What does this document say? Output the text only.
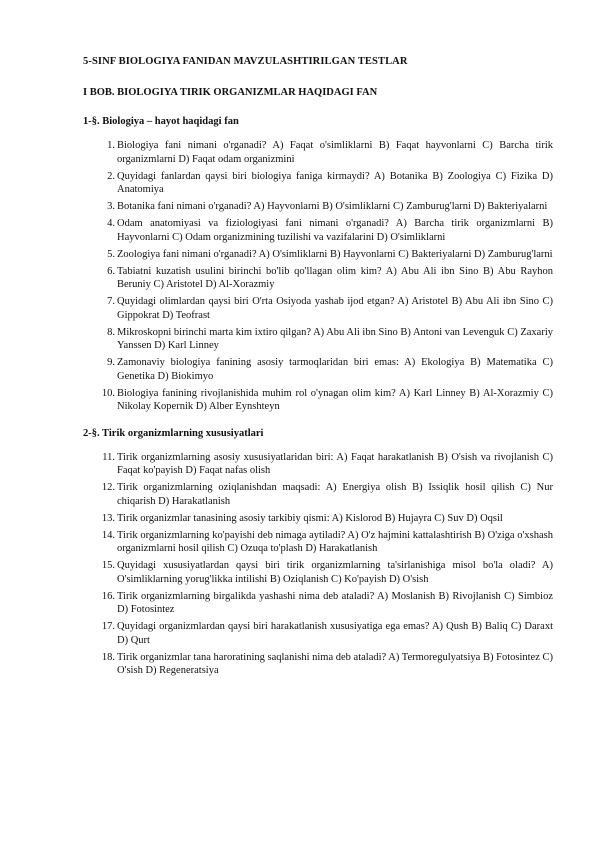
5-SINF BIOLOGIYA FANIDAN MAVZULASHTIRILGAN TESTLAR
I BOB. BIOLOGIYA TIRIK ORGANIZMLAR HAQIDAGI FAN
1-§. Biologiya – hayot haqidagi fan
1. Biologiya fani nimani o'rganadi? A) Faqat o'simliklarni B) Faqat hayvonlarni C) Barcha tirik organizmlarni D) Faqat odam organizmini
2. Quyidagi fanlardan qaysi biri biologiya faniga kirmaydi? A) Botanika B) Zoologiya C) Fizika D) Anatomiya
3. Botanika fani nimani o'rganadi? A) Hayvonlarni B) O'simliklarni C) Zamburug'larni D) Bakteriyalarni
4. Odam anatomiyasi va fiziologiyasi fani nimani o'rganadi? A) Barcha tirik organizmlarni B) Hayvonlarni C) Odam organizmining tuzilishi va vazifalarini D) O'simliklarni
5. Zoologiya fani nimani o'rganadi? A) O'simliklarni B) Hayvonlarni C) Bakteriyalarni D) Zamburug'larni
6. Tabiatni kuzatish usulini birinchi bo'lib qo'llagan olim kim? A) Abu Ali ibn Sino B) Abu Rayhon Beruniy C) Aristotel D) Al-Xorazmiy
7. Quyidagi olimlardan qaysi biri O'rta Osiyoda yashab ijod etgan? A) Aristotel B) Abu Ali ibn Sino C) Gippokrat D) Teofrast
8. Mikroskopni birinchi marta kim ixtiro qilgan? A) Abu Ali ibn Sino B) Antoni van Levenguk C) Zaxariy Yanssen D) Karl Linney
9. Zamonaviy biologiya fanining asosiy tarmoqlaridan biri emas: A) Ekologiya B) Matematika C) Genetika D) Biokimyo
10. Biologiya fanining rivojlanishida muhim rol o'ynagan olim kim? A) Karl Linney B) Al-Xorazmiy C) Nikolay Kopernik D) Alber Eynshteyn
2-§. Tirik organizmlarning xususiyatlari
11. Tirik organizmlarning asosiy xususiyatlaridan biri: A) Faqat harakatlanish B) O'sish va rivojlanish C) Faqat ko'payish D) Faqat nafas olish
12. Tirik organizmlarning oziqlanishdan maqsadi: A) Energiya olish B) Issiqlik hosil qilish C) Nur chiqarish D) Harakatlanish
13. Tirik organizmlar tanasining asosiy tarkibiy qismi: A) Kislorod B) Hujayra C) Suv D) Oqsil
14. Tirik organizmlarning ko'payishi deb nimaga aytiladi? A) O'z hajmini kattalashtirish B) O'ziga o'xshash organizmlarni hosil qilish C) Ozuqa to'plash D) Harakatlanish
15. Quyidagi xususiyatlardan qaysi biri tirik organizmlarning ta'sirlanishiga misol bo'la oladi? A) O'simliklarning yorug'likka intilishi B) Oziqlanish C) Ko'payish D) O'sish
16. Tirik organizmlarning birgalikda yashashi nima deb ataladi? A) Moslanish B) Rivojlanish C) Simbioz D) Fotosintez
17. Quyidagi organizmlardan qaysi biri harakatlanish xususiyatiga ega emas? A) Qush B) Baliq C) Daraxt D) Qurt
18. Tirik organizmlar tana haroratining saqlanishi nima deb ataladi? A) Termoregulyatsiya B) Fotosintez C) O'sish D) Regeneratsiya
